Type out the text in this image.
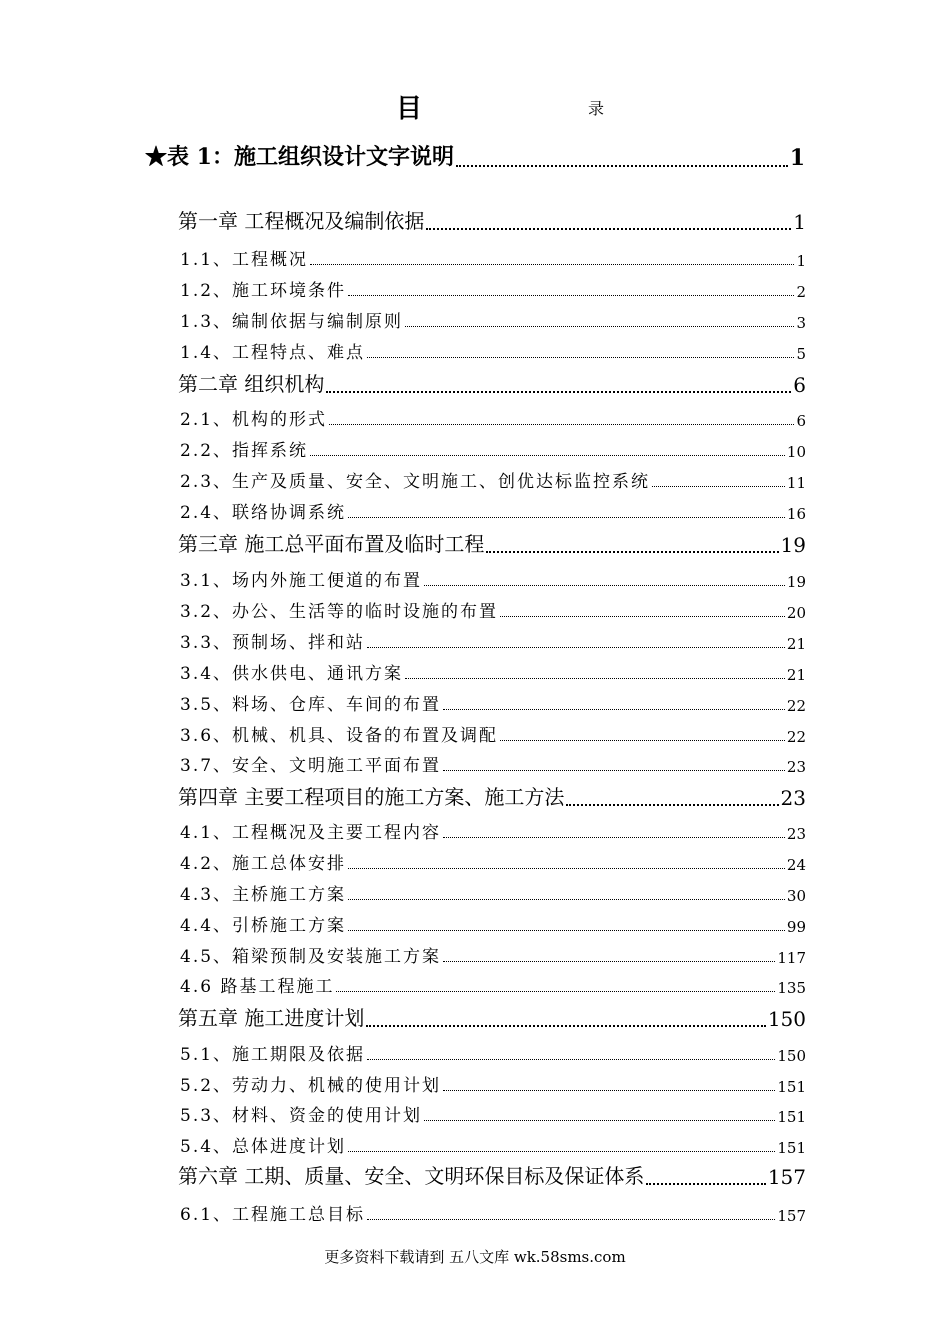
目	录
★表 1：施工组织设计文字说明	1
第一章 工程概况及编制依据	1
1.1、工程概况	1
1.2、施工环境条件	2
1.3、编制依据与编制原则	3
1.4、工程特点、难点	5
第二章 组织机构	6
2.1、机构的形式	6
2.2、指挥系统	10
2.3、生产及质量、安全、文明施工、创优达标监控系统	11
2.4、联络协调系统	16
第三章 施工总平面布置及临时工程	19
3.1、场内外施工便道的布置	19
3.2、办公、生活等的临时设施的布置	20
3.3、预制场、拌和站	21
3.4、供水供电、通讯方案	21
3.5、料场、仓库、车间的布置	22
3.6、机械、机具、设备的布置及调配	22
3.7、安全、文明施工平面布置	23
第四章 主要工程项目的施工方案、施工方法	23
4.1、工程概况及主要工程内容	23
4.2、施工总体安排	24
4.3、主桥施工方案	30
4.4、引桥施工方案	99
4.5、箱梁预制及安装施工方案	117
4.6 路基工程施工	135
第五章 施工进度计划	150
5.1、施工期限及依据	150
5.2、劳动力、机械的使用计划	151
5.3、材料、资金的使用计划	151
5.4、总体进度计划	151
第六章 工期、质量、安全、文明环保目标及保证体系	157
6.1、工程施工总目标	157
更多资料下载请到 五八文库 wk.58sms.com
